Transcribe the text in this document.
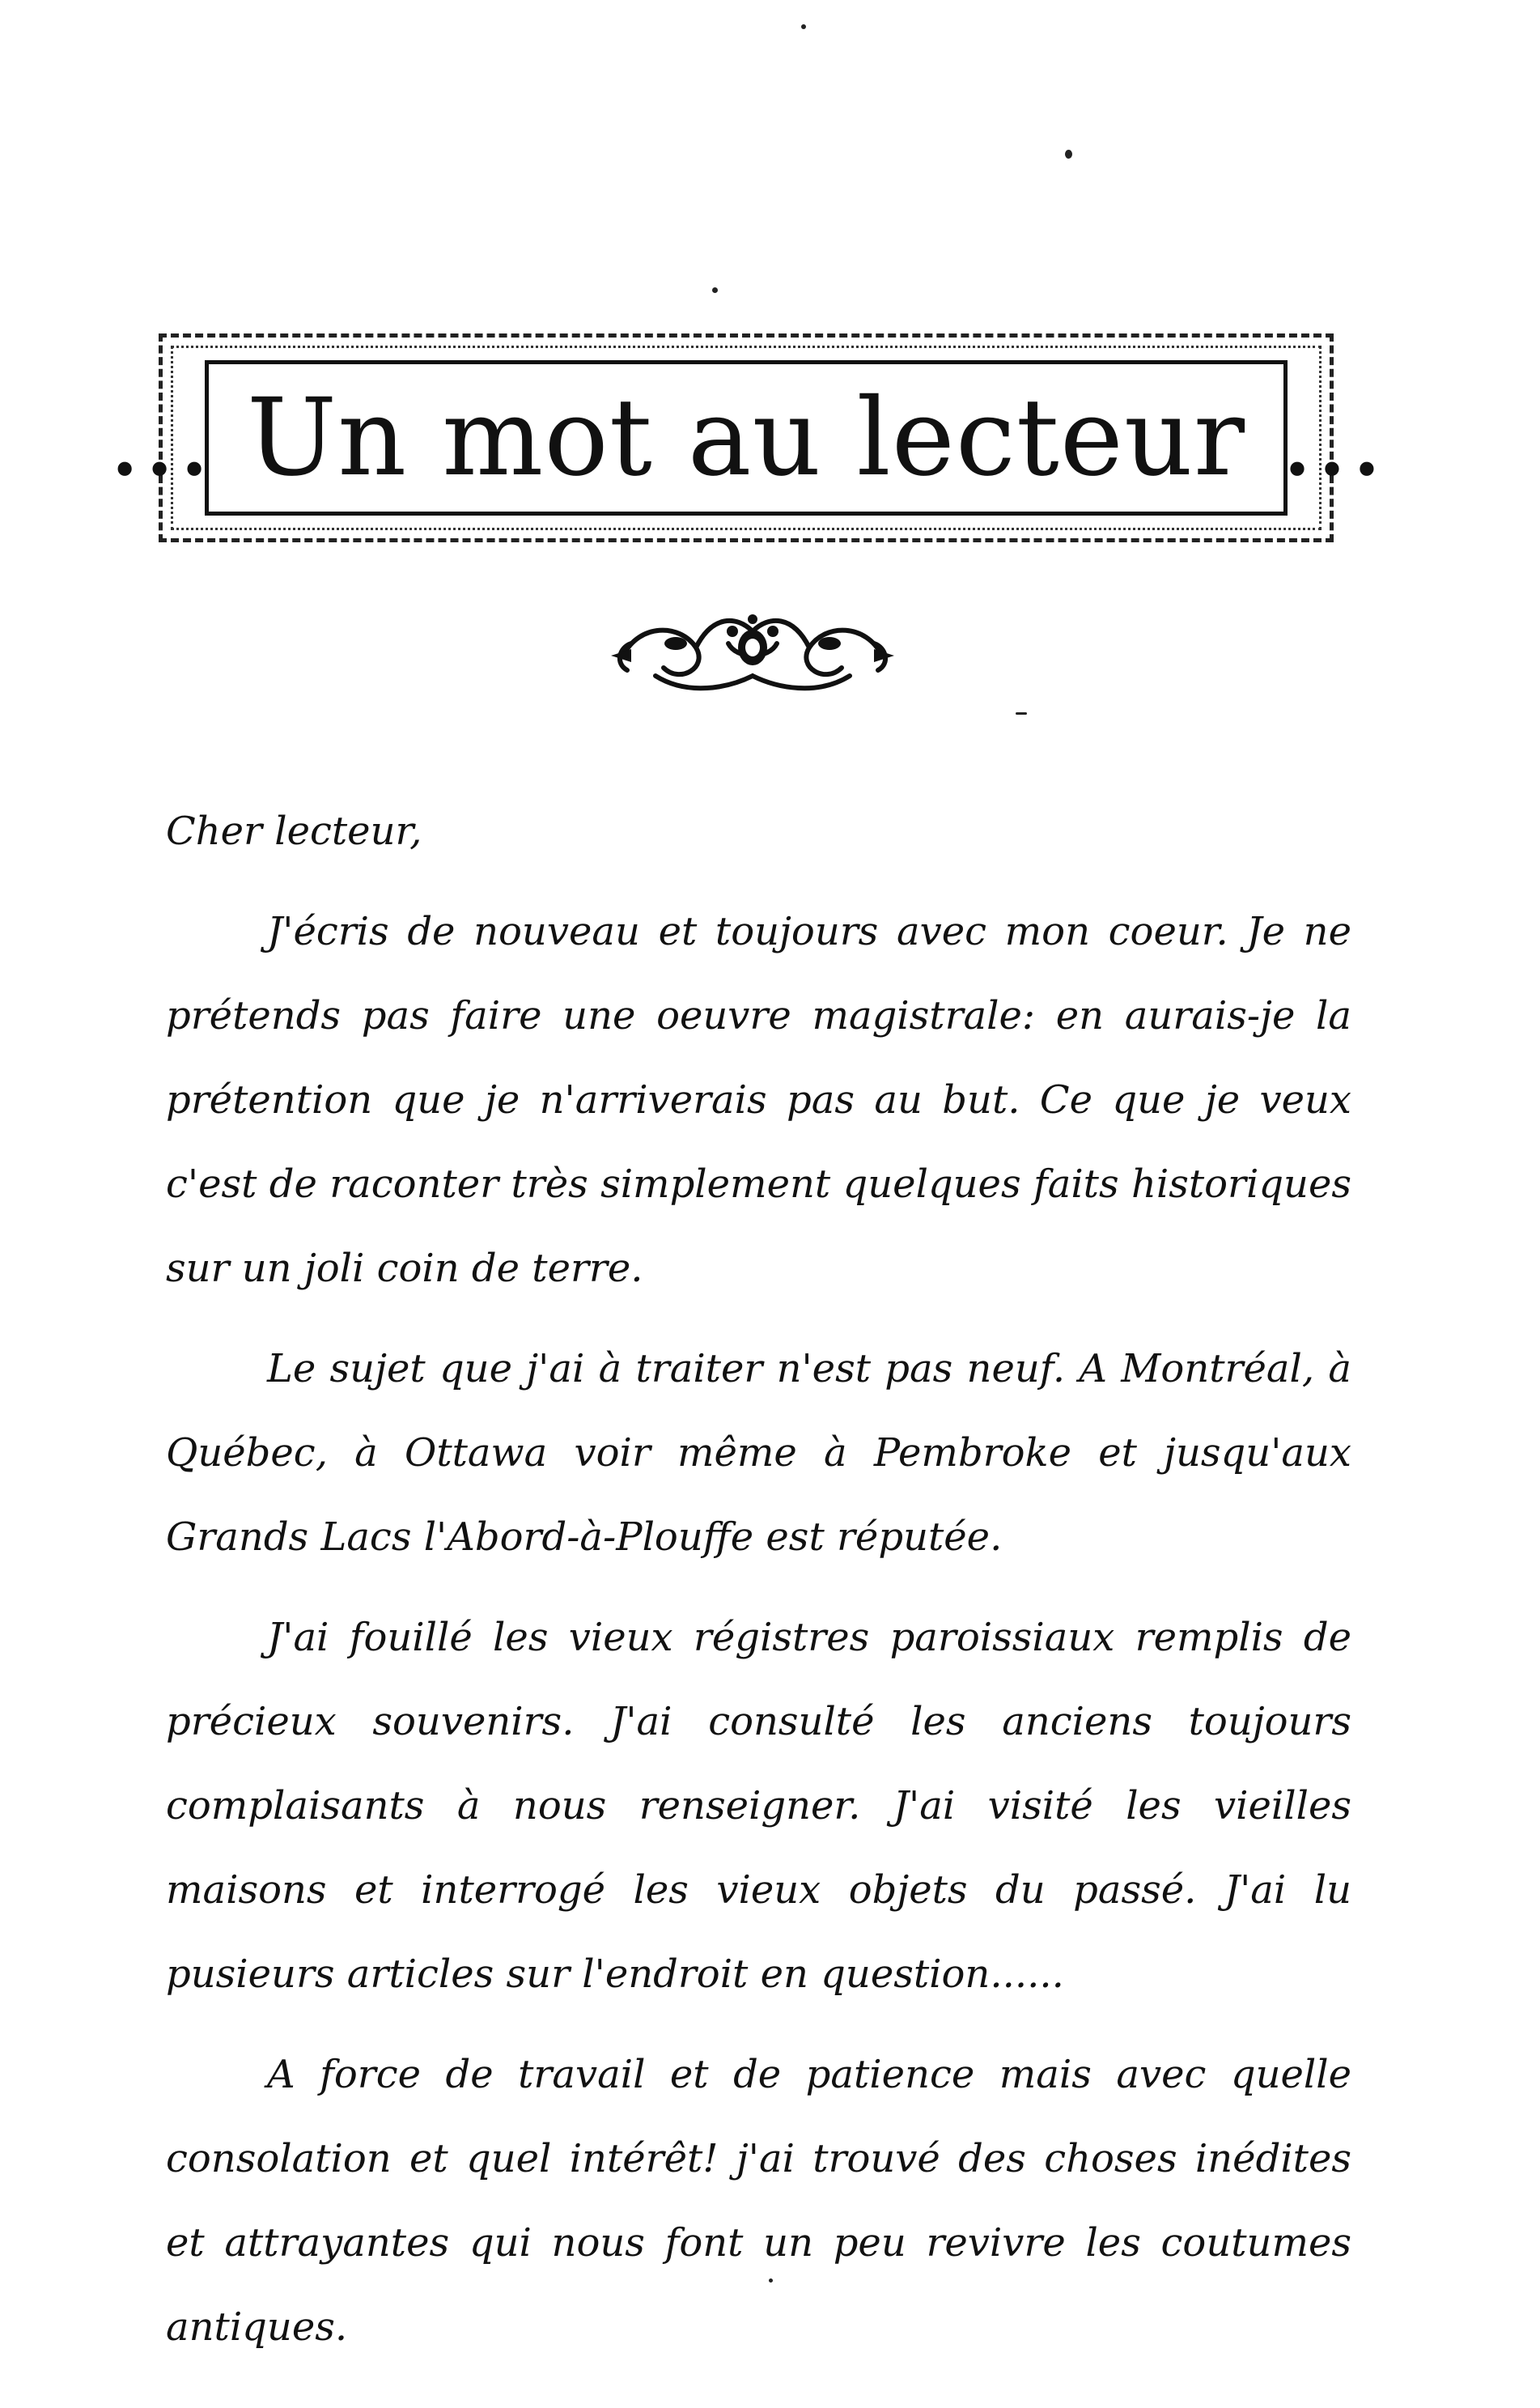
... Un mot au lecteur ...

Cher lecteur,

J'écris de nouveau et toujours avec mon coeur. Je ne prétends pas faire une oeuvre magistrale: en aurais-je la prétention que je n'arriverais pas au but. Ce que je veux c'est de raconter très simplement quelques faits historiques sur un joli coin de terre.

Le sujet que j'ai à traiter n'est pas neuf. A Montréal, à Québec, à Ottawa voir même à Pembroke et jusqu'aux Grands Lacs l'Abord-à-Plouffe est réputée.

J'ai fouillé les vieux régistres paroissiaux remplis de précieux souvenirs. J'ai consulté les anciens toujours complaisants à nous renseigner. J'ai visité les vieilles maisons et interrogé les vieux objets du passé. J'ai lu pusieurs articles sur l'endroit en question......

A force de travail et de patience mais avec quelle consolation et quel intérêt! j'ai trouvé des choses inédites et attrayantes qui nous font un peu revivre les coutumes antiques.
